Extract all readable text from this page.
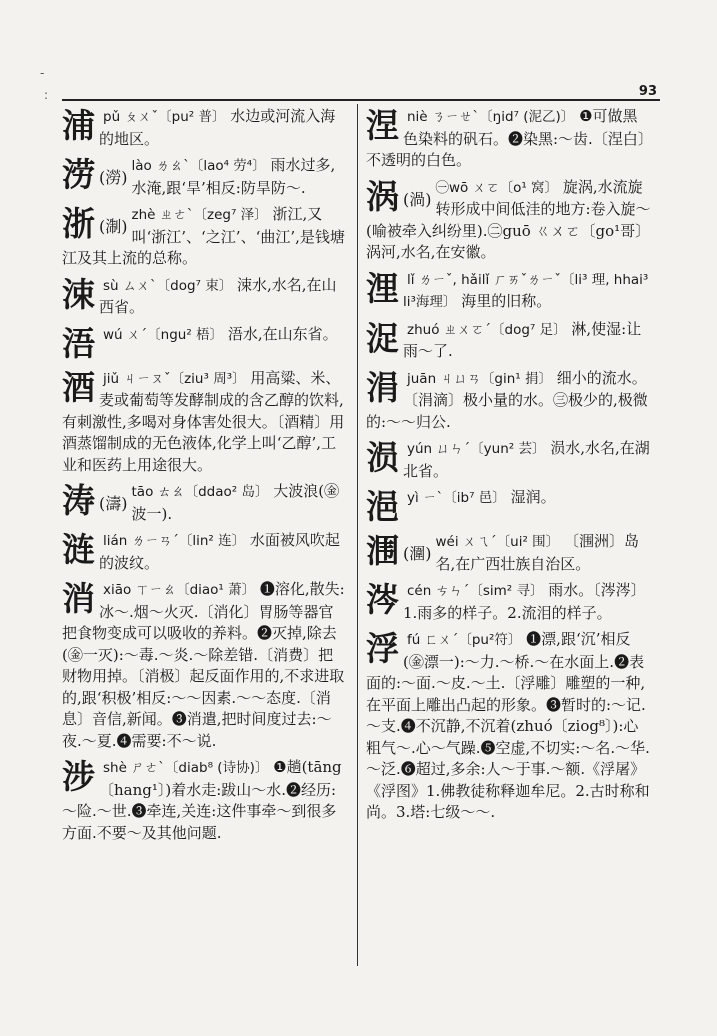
-
:	93
浦 pǔ ㄆㄨˇ〔pu² 普〕 水边或河流入海的地区。
涝 (澇)
lào ㄌㄠˋ〔lao⁴ 劳⁴〕 雨水过多,水淹,跟‘旱’相反:防旱防～.
浙 (淛)
zhè ㄓㄜˋ〔zeg⁷ 泽〕 浙江,又叫‘浙江’、‘之江’、‘曲江’,是钱塘江及其上流的总称。
涑 sù ㄙㄨˋ〔dog⁷ 束〕 涑水,水名,在山西省。
浯 wú ㄨˊ〔ngu² 梧〕 浯水,在山东省。
酒 jiǔ ㄐㄧㄡˇ〔ziu³ 周³〕 用高粱、米、麦或葡萄等发酵制成的含乙醇的饮料,有刺激性,多喝对身体害处很大。〔酒精〕用酒蒸馏制成的无色液体,化学上叫‘乙醇’,工业和医药上用途很大。
涛 (濤)
tāo ㄊㄠ〔ddao² 岛〕 大波浪(㊎波一).
涟 lián ㄌㄧㄢˊ〔lin² 连〕 水面被风吹起的波纹。
消 xiāo ㄒㄧㄠ〔diao¹ 萧〕 ❶溶化,散失:冰～.烟～火灭.〔消化〕胃肠等器官把食物变成可以吸收的养料。❷灭掉,除去(㊎一灭):～毒.～炎.～除差错.〔消费〕把财物用掉。〔消极〕起反面作用的,不求进取的,跟‘积极’相反:～～因素.～～态度.〔消息〕音信,新闻。❸消遣,把时间度过去:～夜.～夏.❹需要:不～说.
涉 shè ㄕㄜˋ〔diab⁸ (诗协)〕 ❶趟(tāng〔hang¹〕)着水走:跋山～水.❷经历:～险.～世.❸牵连,关连:这件事牵～到很多方面.不要～及其他问题.
涅 niè ㄋㄧㄝˋ〔ŋid⁷ (泥乙)〕 ❶可做黑色染料的矾石。❷染黑:～齿.〔涅白〕不透明的白色。
涡 (渦)
㊀wō ㄨㄛ〔o¹ 窝〕 旋涡,水流旋转形成中间低洼的地方:卷入旋～(喻被牵入纠纷里).㊁guō ㄍㄨㄛ〔go¹哥〕涡河,水名,在安徽。
浬 lǐ ㄌㄧˇ, hǎilǐ ㄏㄞˇㄌㄧˇ〔li³ 理, hhai³ li³海理〕 海里的旧称。
浞 zhuó ㄓㄨㄛˊ〔dog⁷ 足〕 淋,使湿:让雨～了.
涓 juān ㄐㄩㄢ〔gin¹ 捐〕 细小的流水。〔涓滴〕极小量的水。㊂极少的,极微的:～～归公.
涢 yún ㄩㄣˊ〔yun² 芸〕 涢水,水名,在湖北省。
浥 yì ㄧˋ〔ib⁷ 邑〕 湿润。
涠 (潿)
wéi ㄨㄟˊ〔ui² 围〕 〔涠洲〕岛名,在广西壮族自治区。
涔 cén ㄘㄣˊ〔sim² 寻〕 雨水。〔涔涔〕1.雨多的样子。2.流泪的样子。
浮 fú ㄈㄨˊ〔pu²符〕 ❶漂,跟‘沉’相反(㊎漂一):～力.～桥.～在水面上.❷表面的:～面.～皮.～土.〔浮雕〕雕塑的一种,在平面上雕出凸起的形象。❸暂时的:～记.～支.❹不沉静,不沉着(zhuó〔ziog⁸〕):心粗气～.心～气躁.❺空虚,不切实:～名.～华.～泛.❻超过,多余:人～于事.～额.《浮屠》《浮图》1.佛教徒称释迦牟尼。2.古时称和尚。3.塔:七级～～.
